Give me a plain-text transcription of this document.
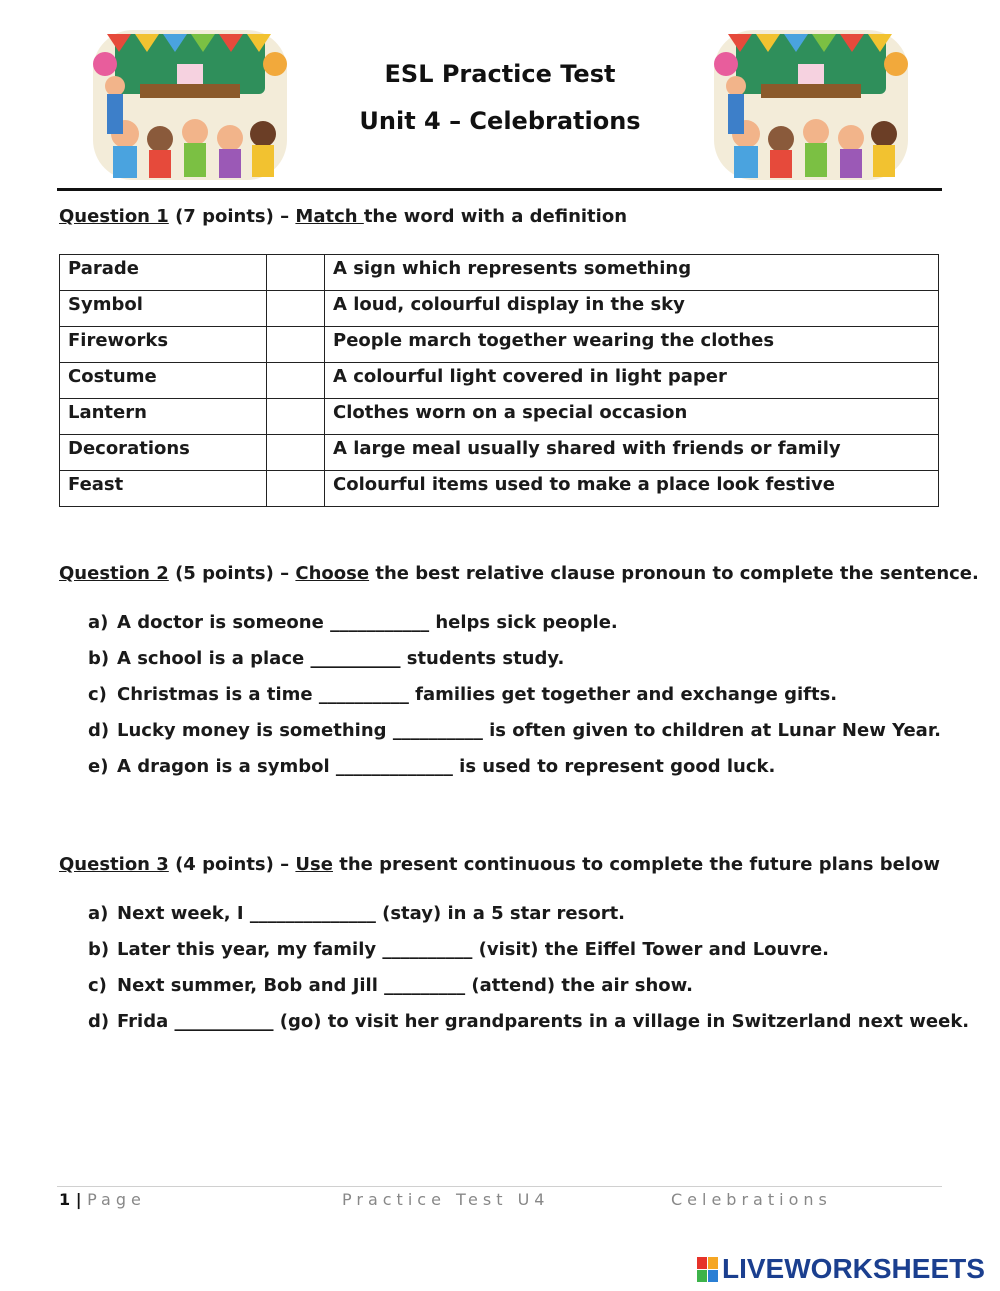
ESL Practice Test
Unit 4 – Celebrations
Question 1 (7 points) – Match the word with a definition
Parade		A sign which represents something
Symbol		A loud, colourful display in the sky
Fireworks		People march together wearing the clothes
Costume		A colourful light covered in light paper
Lantern		Clothes worn on a special occasion
Decorations		A large meal usually shared with friends or family
Feast		Colourful items used to make a place look festive
Question 2 (5 points) – Choose the best relative clause pronoun to complete the sentence.
a) A doctor is someone ___________ helps sick people.
b) A school is a place __________ students study.
c) Christmas is a time __________ families get together and exchange gifts.
d) Lucky money is something __________ is often given to children at Lunar New Year.
e) A dragon is a symbol _____________ is used to represent good luck.
Question 3 (4 points) – Use the present continuous to complete the future plans below
a) Next week, I ______________ (stay) in a 5 star resort.
b) Later this year, my family __________ (visit) the Eiffel Tower and Louvre.
c) Next summer, Bob and Jill _________ (attend) the air show.
d) Frida ___________ (go) to visit her grandparents in a village in Switzerland next week.
1 | Page	Practice Test U4	Celebrations
LIVEWORKSHEETS
